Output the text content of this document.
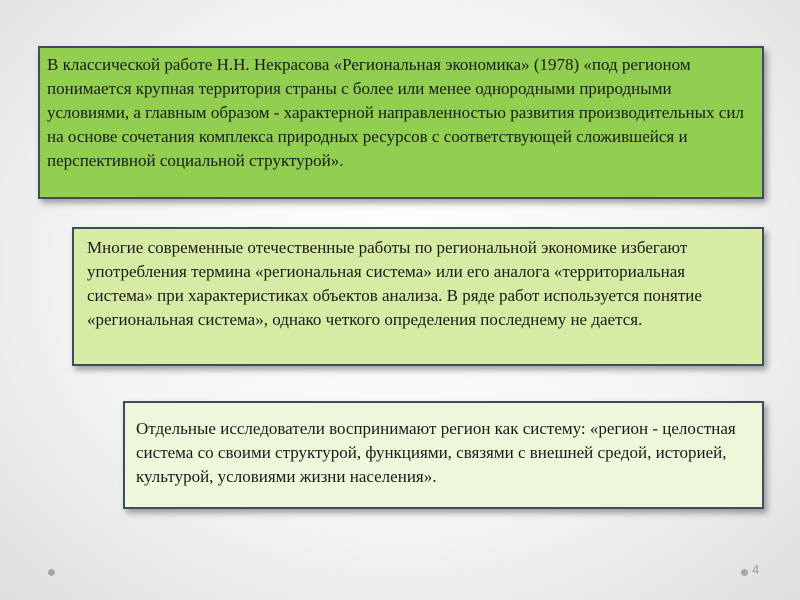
В классической работе Н.Н. Некрасова «Региональная экономика» (1978) «под регионом понимается крупная территория страны с более или менее однородными природными условиями, а главным образом - характерной направленностью развития производительных сил на основе сочетания комплекса природных ресурсов с соответствующей сложившейся и перспективной социальной структурой».
Многие современные отечественные работы по региональной экономике избегают употребления термина «региональная система» или его аналога «территориальная система» при характеристиках объектов анализа. В ряде работ используется понятие «региональная система», однако четкого определения последнему не дается.
Отдельные исследователи воспринимают регион как систему: «регион - целостная система со своими структурой, функциями, связями с внешней средой, историей, культурой, условиями жизни населения».
4
